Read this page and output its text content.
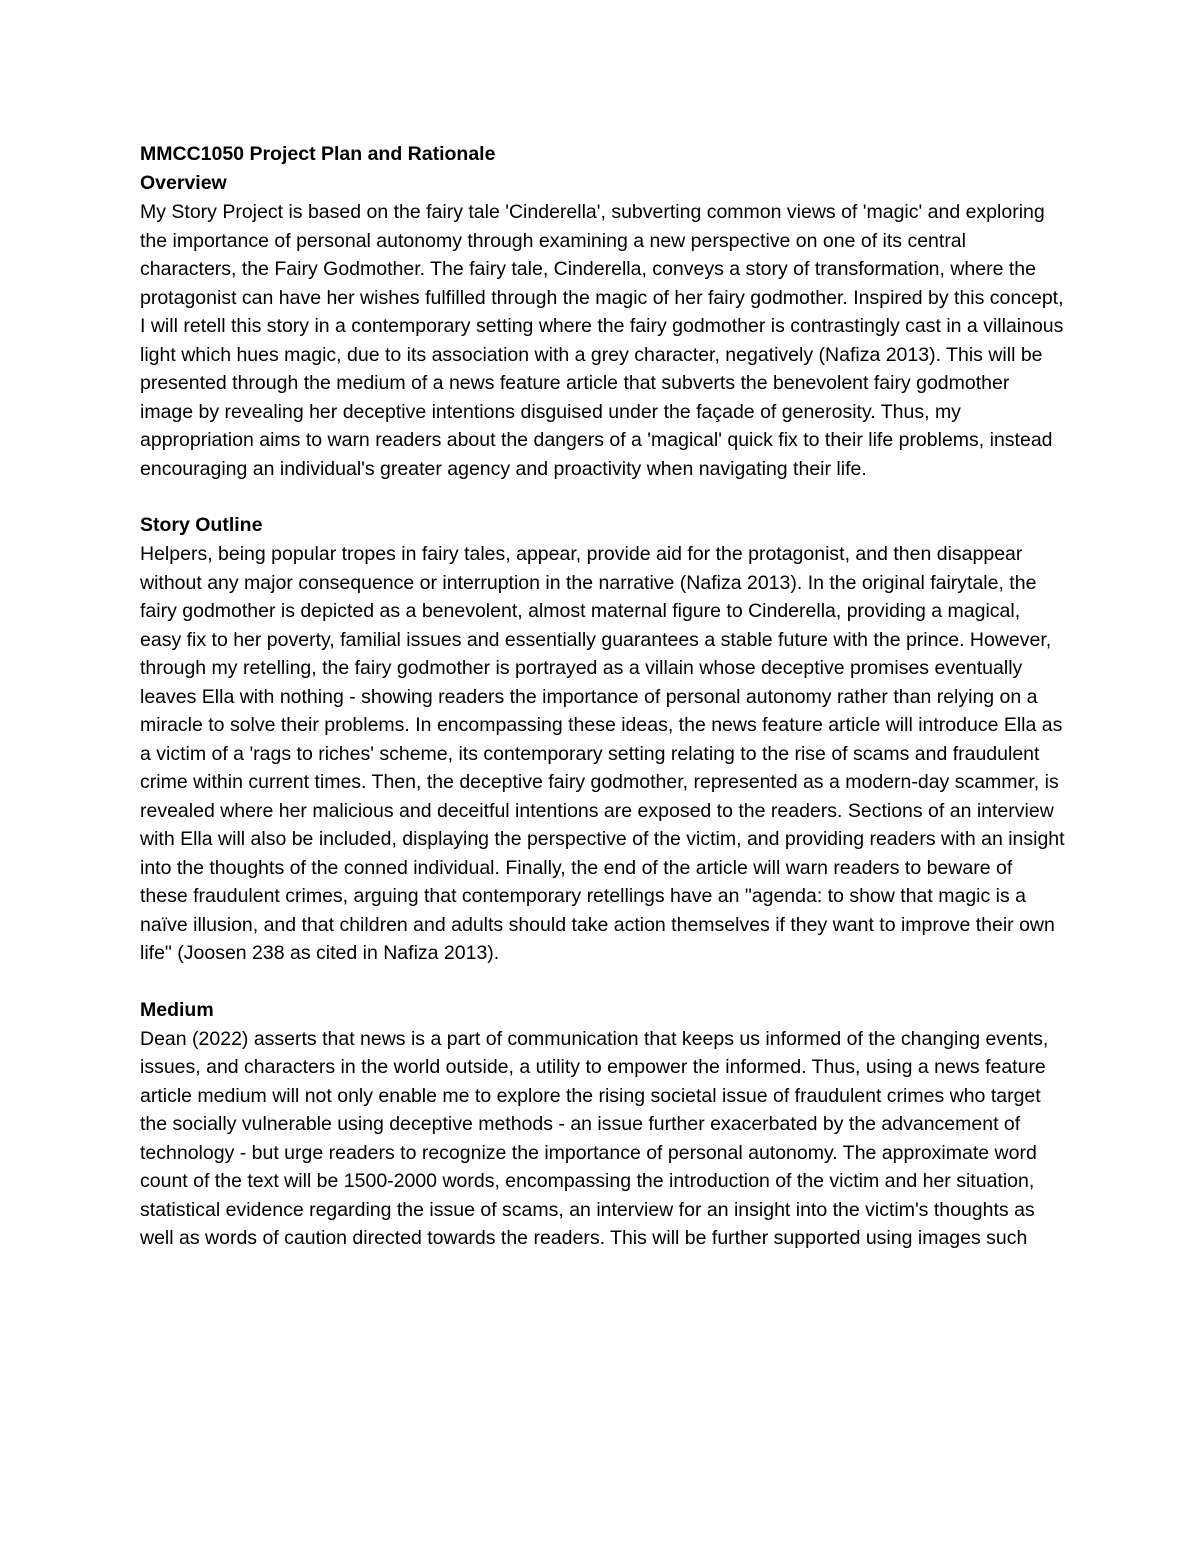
MMCC1050 Project Plan and Rationale
Overview

My Story Project is based on the fairy tale 'Cinderella', subverting common views of 'magic' and exploring the importance of personal autonomy through examining a new perspective on one of its central characters, the Fairy Godmother. The fairy tale, Cinderella, conveys a story of transformation, where the protagonist can have her wishes fulfilled through the magic of her fairy godmother. Inspired by this concept, I will retell this story in a contemporary setting where the fairy godmother is contrastingly cast in a villainous light which hues magic, due to its association with a grey character, negatively (Nafiza 2013). This will be presented through the medium of a news feature article that subverts the benevolent fairy godmother image by revealing her deceptive intentions disguised under the façade of generosity. Thus, my appropriation aims to warn readers about the dangers of a 'magical' quick fix to their life problems, instead encouraging an individual's greater agency and proactivity when navigating their life.

Story Outline

Helpers, being popular tropes in fairy tales, appear, provide aid for the protagonist, and then disappear without any major consequence or interruption in the narrative (Nafiza 2013). In the original fairytale, the fairy godmother is depicted as a benevolent, almost maternal figure to Cinderella, providing a magical, easy fix to her poverty, familial issues and essentially guarantees a stable future with the prince. However, through my retelling, the fairy godmother is portrayed as a villain whose deceptive promises eventually leaves Ella with nothing - showing readers the importance of personal autonomy rather than relying on a miracle to solve their problems. In encompassing these ideas, the news feature article will introduce Ella as a victim of a 'rags to riches' scheme, its contemporary setting relating to the rise of scams and fraudulent crime within current times. Then, the deceptive fairy godmother, represented as a modern-day scammer, is revealed where her malicious and deceitful intentions are exposed to the readers. Sections of an interview with Ella will also be included, displaying the perspective of the victim, and providing readers with an insight into the thoughts of the conned individual. Finally, the end of the article will warn readers to beware of these fraudulent crimes, arguing that contemporary retellings have an "agenda: to show that magic is a naïve illusion, and that children and adults should take action themselves if they want to improve their own life" (Joosen 238 as cited in Nafiza 2013).

Medium

Dean (2022) asserts that news is a part of communication that keeps us informed of the changing events, issues, and characters in the world outside, a utility to empower the informed. Thus, using a news feature article medium will not only enable me to explore the rising societal issue of fraudulent crimes who target the socially vulnerable using deceptive methods - an issue further exacerbated by the advancement of technology - but urge readers to recognize the importance of personal autonomy. The approximate word count of the text will be 1500-2000 words, encompassing the introduction of the victim and her situation, statistical evidence regarding the issue of scams, an interview for an insight into the victim's thoughts as well as words of caution directed towards the readers. This will be further supported using images such
